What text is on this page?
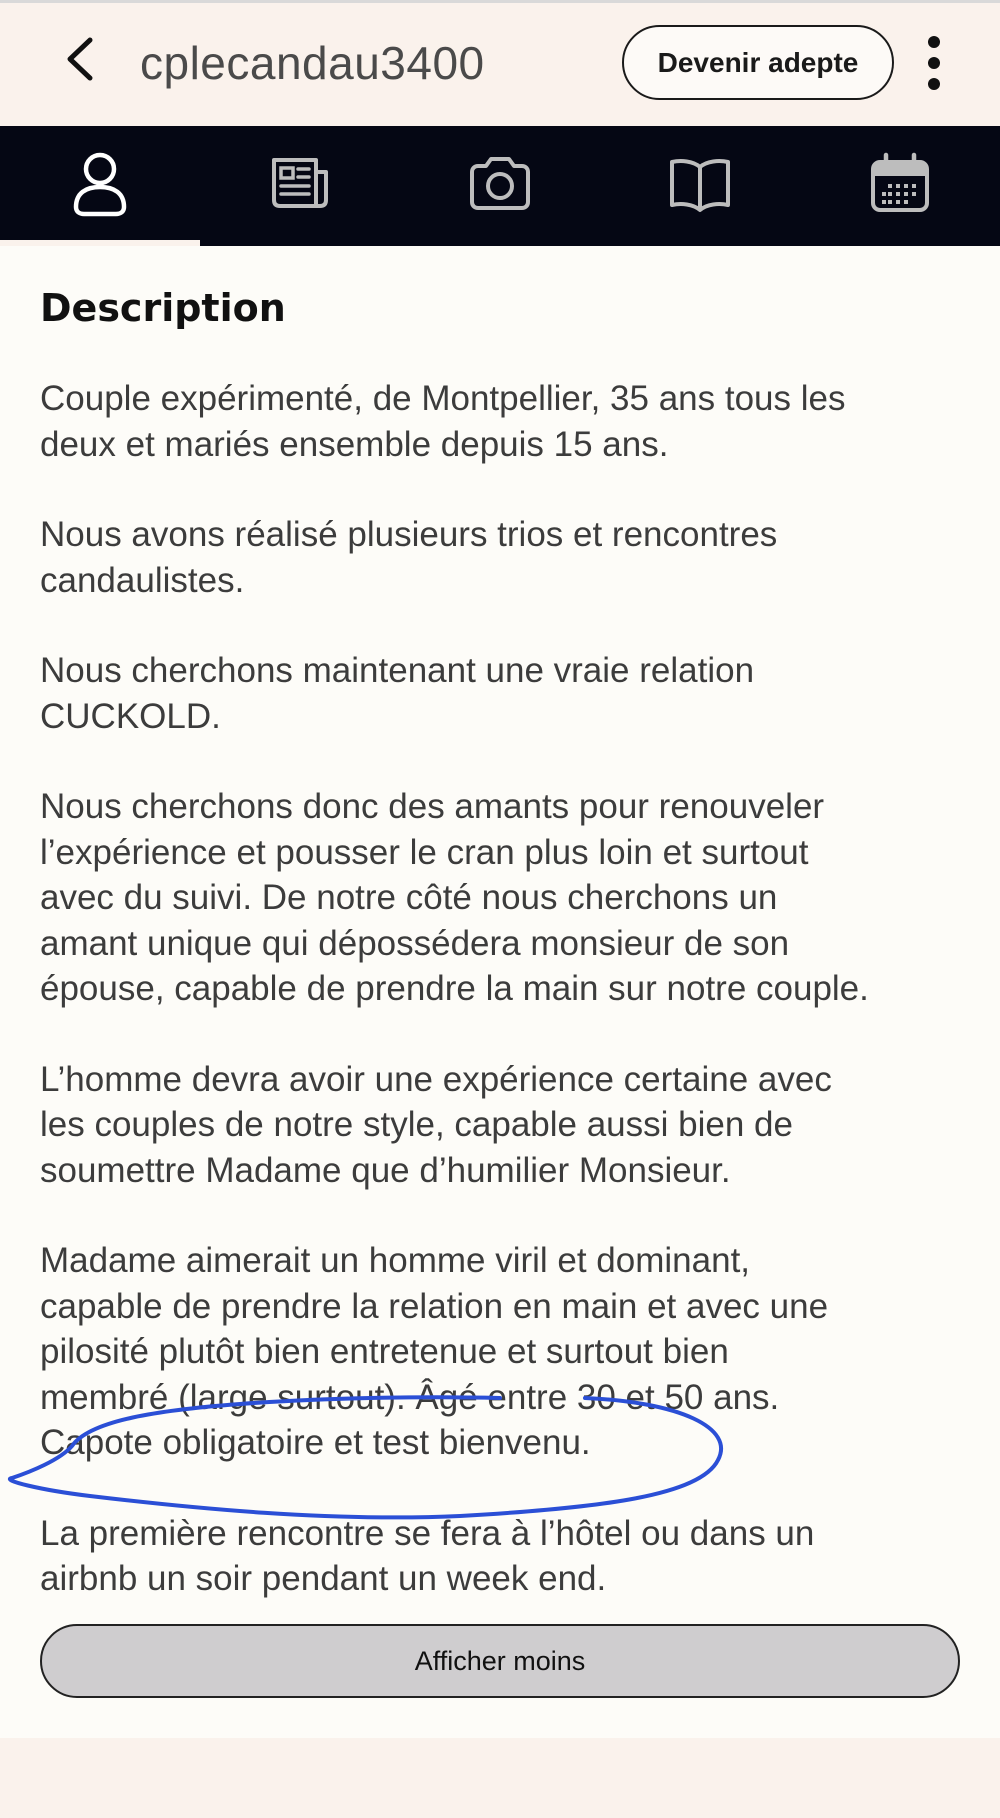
cplecandau3400	Devenir adepte
Description

Couple expérimenté, de Montpellier, 35 ans tous les
deux et mariés ensemble depuis 15 ans.

Nous avons réalisé plusieurs trios et rencontres
candaulistes.

Nous cherchons maintenant une vraie relation
CUCKOLD.

Nous cherchons donc des amants pour renouveler
l’expérience et pousser le cran plus loin et surtout
avec du suivi. De notre côté nous cherchons un
amant unique qui dépossédera monsieur de son
épouse, capable de prendre la main sur notre couple.

L’homme devra avoir une expérience certaine avec
les couples de notre style, capable aussi bien de
soumettre Madame que d’humilier Monsieur.

Madame aimerait un homme viril et dominant,
capable de prendre la relation en main et avec une
pilosité plutôt bien entretenue et surtout bien
membré (large surtout). Âgé entre 30 et 50 ans.
Capote obligatoire et test bienvenu.

La première rencontre se fera à l’hôtel ou dans un
airbnb un soir pendant un week end.

Afficher moins
